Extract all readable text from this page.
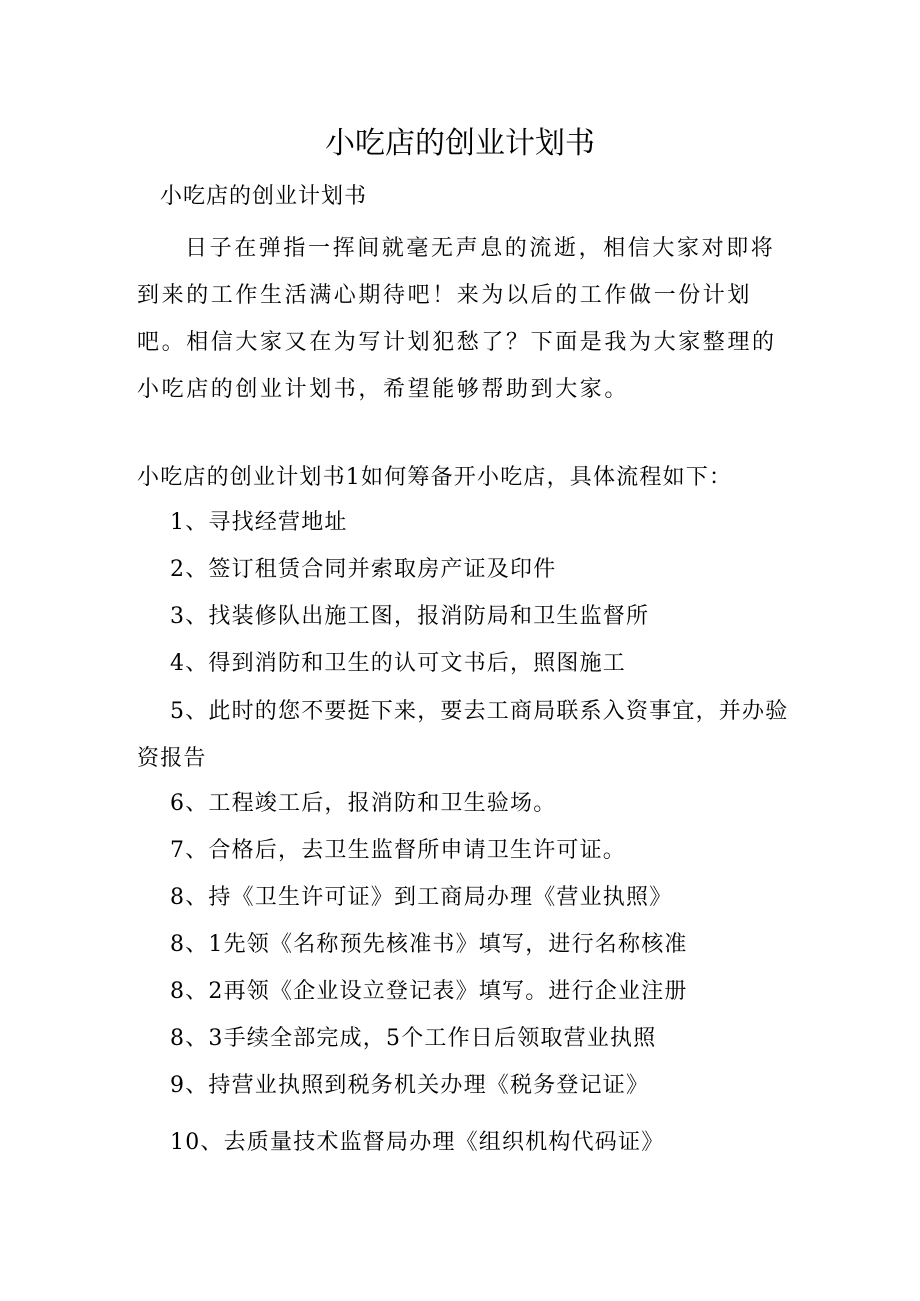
小吃店的创业计划书
小吃店的创业计划书

日子在弹指一挥间就毫无声息的流逝，相信大家对即将到来的工作生活满心期待吧！来为以后的工作做一份计划吧。相信大家又在为写计划犯愁了？下面是我为大家整理的小吃店的创业计划书，希望能够帮助到大家。

小吃店的创业计划书1如何筹备开小吃店，具体流程如下：
1、寻找经营地址
2、签订租赁合同并索取房产证及印件
3、找装修队出施工图，报消防局和卫生监督所
4、得到消防和卫生的认可文书后，照图施工
5、此时的您不要挺下来，要去工商局联系入资事宜，并办验资报告
6、工程竣工后，报消防和卫生验场。
7、合格后，去卫生监督所申请卫生许可证。
8、持《卫生许可证》到工商局办理《营业执照》
8、1先领《名称预先核准书》填写，进行名称核准
8、2再领《企业设立登记表》填写。进行企业注册
8、3手续全部完成，5个工作日后领取营业执照
9、持营业执照到税务机关办理《税务登记证》
10、去质量技术监督局办理《组织机构代码证》
